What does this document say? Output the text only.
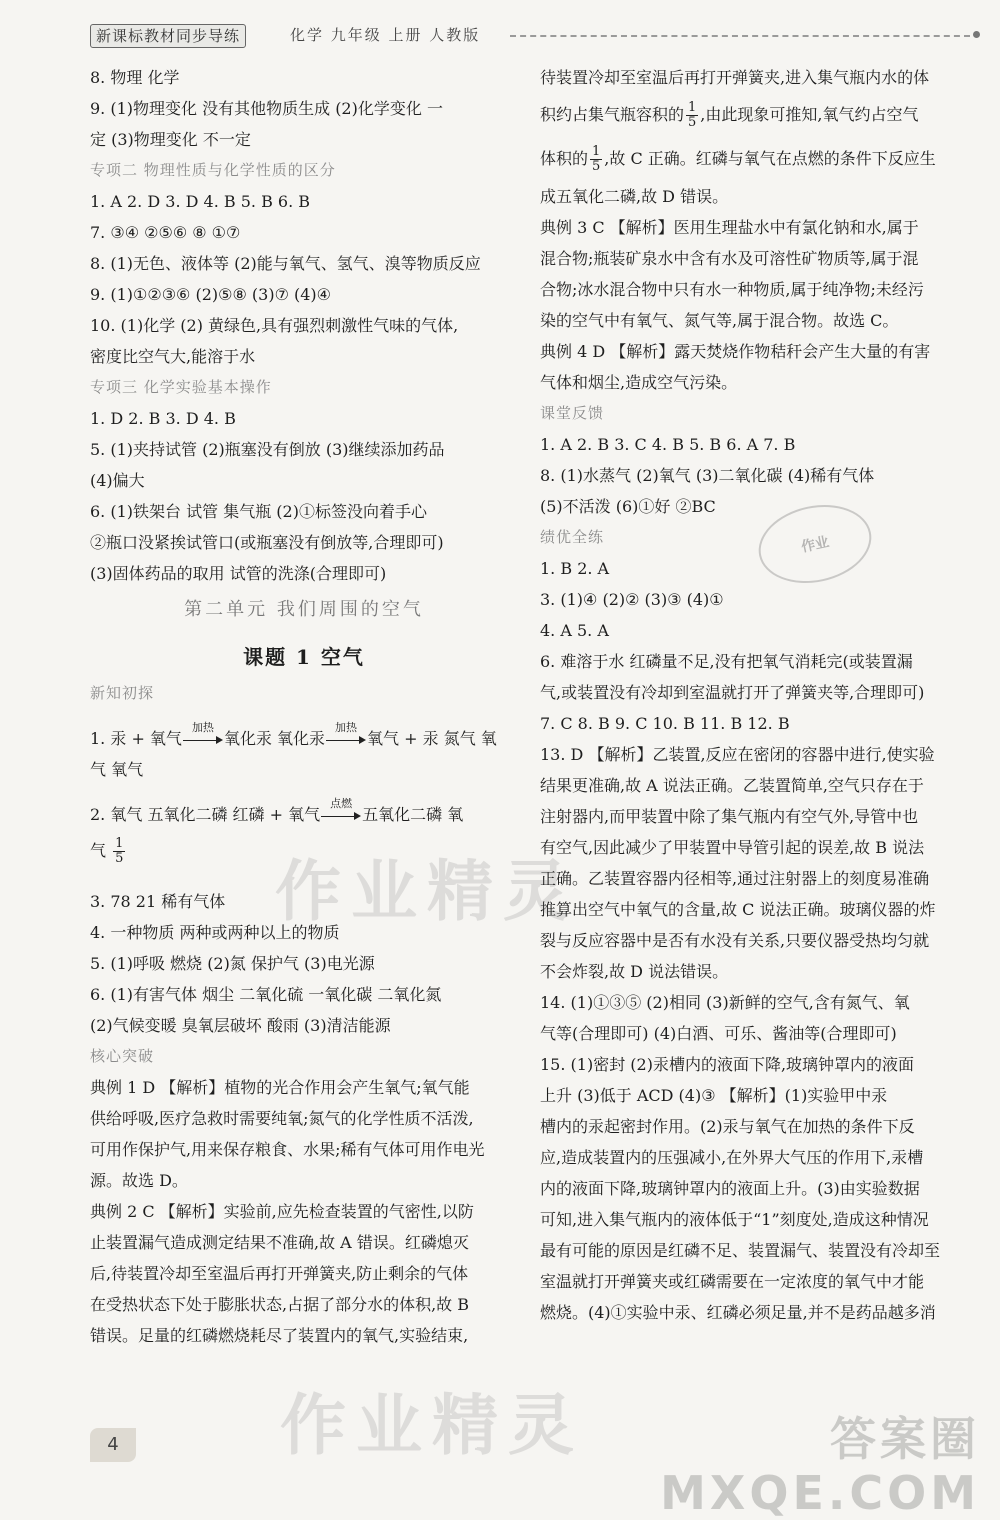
新课标教材同步导练	化学 九年级 上册 人教版
8. 物理 化学
9. (1)物理变化 没有其他物质生成 (2)化学变化 一
定 (3)物理变化 不一定
专项二 物理性质与化学性质的区分
1. A 2. D 3. D 4. B 5. B 6. B
7. ③④ ②⑤⑥ ⑧ ①⑦
8. (1)无色、液体等 (2)能与氧气、氢气、溴等物质反应
9. (1)①②③⑥ (2)⑤⑧ (3)⑦ (4)④
10. (1)化学 (2) 黄绿色,具有强烈刺激性气味的气体,
密度比空气大,能溶于水
专项三 化学实验基本操作
1. D 2. B 3. D 4. B
5. (1)夹持试管 (2)瓶塞没有倒放 (3)继续添加药品
(4)偏大
6. (1)铁架台 试管 集气瓶 (2)①标签没向着手心
②瓶口没紧挨试管口(或瓶塞没有倒放等,合理即可)
(3)固体药品的取用 试管的洗涤(合理即可)
第二单元 我们周围的空气
课题 1 空气
新知初探
1. 汞 + 氧气
加热
氧化汞 氧化汞
加热
氧气 + 汞 氮气 氧
气 氧气
2. 氧气 五氧化二磷 红磷 + 氧气
点燃
五氧化二磷 氧
气 $\frac{1}{5}$
3. 78 21 稀有气体
4. 一种物质 两种或两种以上的物质
5. (1)呼吸 燃烧 (2)氮 保护气 (3)电光源
6. (1)有害气体 烟尘 二氧化硫 一氧化碳 二氧化氮
(2)气候变暖 臭氧层破坏 酸雨 (3)清洁能源
核心突破
典例 1 D 【解析】植物的光合作用会产生氧气;氧气能
供给呼吸,医疗急救时需要纯氧;氮气的化学性质不活泼,
可用作保护气,用来保存粮食、水果;稀有气体可用作电光
源。故选 D。
典例 2 C 【解析】实验前,应先检查装置的气密性,以防
止装置漏气造成测定结果不准确,故 A 错误。红磷熄灭
后,待装置冷却至室温后再打开弹簧夹,防止剩余的气体
在受热状态下处于膨胀状态,占据了部分水的体积,故 B
错误。足量的红磷燃烧耗尽了装置内的氧气,实验结束,
待装置冷却至室温后再打开弹簧夹,进入集气瓶内水的体
积约占集气瓶容积的 $\frac{1}{5}$ ,由此现象可推知,氧气约占空气
体积的 $\frac{1}{5}$ ,故 C 正确。红磷与氧气在点燃的条件下反应生
成五氧化二磷,故 D 错误。
典例 3 C 【解析】医用生理盐水中有氯化钠和水,属于
混合物;瓶装矿泉水中含有水及可溶性矿物质等,属于混
合物;冰水混合物中只有水一种物质,属于纯净物;未经污
染的空气中有氧气、氮气等,属于混合物。故选 C。
典例 4 D 【解析】露天焚烧作物秸秆会产生大量的有害
气体和烟尘,造成空气污染。
课堂反馈
1. A 2. B 3. C 4. B 5. B 6. A 7. B
8. (1)水蒸气 (2)氧气 (3)二氧化碳 (4)稀有气体
(5)不活泼 (6)①好 ②BC
绩优全练
1. B 2. A
3. (1)④ (2)② (3)③ (4)①
4. A 5. A
6. 难溶于水 红磷量不足,没有把氧气消耗完(或装置漏
气,或装置没有冷却到室温就打开了弹簧夹等,合理即可)
7. C 8. B 9. C 10. B 11. B 12. B
13. D 【解析】乙装置,反应在密闭的容器中进行,使实验
结果更准确,故 A 说法正确。乙装置简单,空气只存在于
注射器内,而甲装置中除了集气瓶内有空气外,导管中也
有空气,因此减少了甲装置中导管引起的误差,故 B 说法
正确。乙装置容器内径相等,通过注射器上的刻度易准确
推算出空气中氧气的含量,故 C 说法正确。玻璃仪器的炸
裂与反应容器中是否有水没有关系,只要仪器受热均匀就
不会炸裂,故 D 说法错误。
14. (1)①③⑤ (2)相同 (3)新鲜的空气,含有氮气、氧
气等(合理即可) (4)白酒、可乐、酱油等(合理即可)
15. (1)密封 (2)汞槽内的液面下降,玻璃钟罩内的液面
上升 (3)低于 ACD (4)③ 【解析】(1)实验甲中汞
槽内的汞起密封作用。(2)汞与氧气在加热的条件下反
应,造成装置内的压强减小,在外界大气压的作用下,汞槽
内的液面下降,玻璃钟罩内的液面上升。(3)由实验数据
可知,进入集气瓶内的液体低于“1”刻度处,造成这种情况
最有可能的原因是红磷不足、装置漏气、装置没有冷却至
室温就打开弹簧夹或红磷需要在一定浓度的氧气中才能
燃烧。(4)①实验中汞、红磷必须足量,并不是药品越多消
作业精灵
作业精灵
作业
4	答案圈 MXQE.COM
